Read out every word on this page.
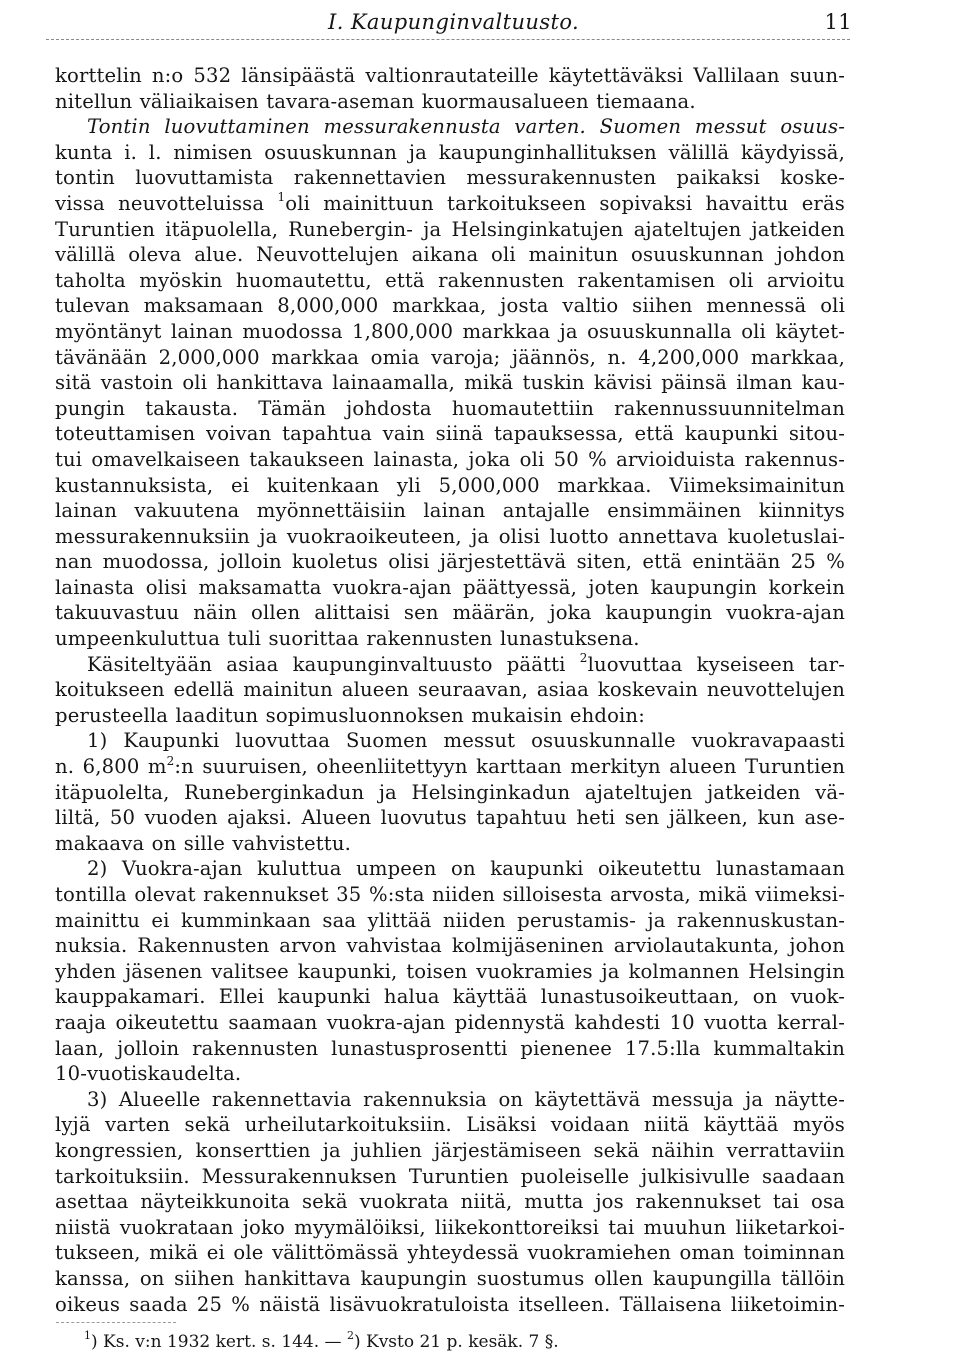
I. Kaupunginvaltuusto.	11
korttelin n:o 532 länsipäästä valtionrautateille käytettäväksi Vallilaan suun-
nitellun väliaikaisen tavara-aseman kuormausalueen tiemaana.
Tontin luovuttaminen messurakennusta varten. Suomen messut osuus-
kunta i. l. nimisen osuuskunnan ja kaupunginhallituksen välillä käydyissä,
tontin luovuttamista rakennettavien messurakennusten paikaksi koske-
vissa neuvotteluissa $^1$oli mainittuun tarkoitukseen sopivaksi havaittu eräs
Turuntien itäpuolella, Runebergin- ja Helsinginkatujen ajateltujen jatkeiden
välillä oleva alue. Neuvottelujen aikana oli mainitun osuuskunnan johdon
taholta myöskin huomautettu, että rakennusten rakentamisen oli arvioitu
tulevan maksamaan 8,000,000 markkaa, josta valtio siihen mennessä oli
myöntänyt lainan muodossa 1,800,000 markkaa ja osuuskunnalla oli käytet-
tävänään 2,000,000 markkaa omia varoja; jäännös, n. 4,200,000 markkaa,
sitä vastoin oli hankittava lainaamalla, mikä tuskin kävisi päinsä ilman kau-
pungin takausta. Tämän johdosta huomautettiin rakennussuunnitelman
toteuttamisen voivan tapahtua vain siinä tapauksessa, että kaupunki sitou-
tui omavelkaiseen takaukseen lainasta, joka oli 50 % arvioiduista rakennus-
kustannuksista, ei kuitenkaan yli 5,000,000 markkaa. Viimeksimainitun
lainan vakuutena myönnettäisiin lainan antajalle ensimmäinen kiinnitys
messurakennuksiin ja vuokraoikeuteen, ja olisi luotto annettava kuoletuslai-
nan muodossa, jolloin kuoletus olisi järjestettävä siten, että enintään 25 %
lainasta olisi maksamatta vuokra-ajan päättyessä, joten kaupungin korkein
takuuvastuu näin ollen alittaisi sen määrän, joka kaupungin vuokra-ajan
umpeenkuluttua tuli suorittaa rakennusten lunastuksena.
Käsiteltyään asiaa kaupunginvaltuusto päätti $^2$luovuttaa kyseiseen tar-
koitukseen edellä mainitun alueen seuraavan, asiaa koskevain neuvottelujen
perusteella laaditun sopimusluonnoksen mukaisin ehdoin:
1) Kaupunki luovuttaa Suomen messut osuuskunnalle vuokravapaasti
n. 6,800 $m^2:n$ suuruisen, oheenliitettyyn karttaan merkityn alueen Turuntien
itäpuolelta, Runeberginkadun ja Helsinginkadun ajateltujen jatkeiden vä-
liltä, 50 vuoden ajaksi. Alueen luovutus tapahtuu heti sen jälkeen, kun ase-
makaava on sille vahvistettu.
2) Vuokra-ajan kuluttua umpeen on kaupunki oikeutettu lunastamaan
tontilla olevat rakennukset 35 %:sta niiden silloisesta arvosta, mikä viimeksi-
mainittu ei kumminkaan saa ylittää niiden perustamis- ja rakennuskustan-
nuksia. Rakennusten arvon vahvistaa kolmijäseninen arviolautakunta, johon
yhden jäsenen valitsee kaupunki, toisen vuokramies ja kolmannen Helsingin
kauppakamari. Ellei kaupunki halua käyttää lunastusoikeuttaan, on vuok-
raaja oikeutettu saamaan vuokra-ajan pidennystä kahdesti 10 vuotta kerral-
laan, jolloin rakennusten lunastusprosentti pienenee 17.5:lla kummaltakin
10-vuotiskaudelta.
3) Alueelle rakennettavia rakennuksia on käytettävä messuja ja näytte-
lyjä varten sekä urheilutarkoituksiin. Lisäksi voidaan niitä käyttää myös
kongressien, konserttien ja juhlien järjestämiseen sekä näihin verrattaviin
tarkoituksiin. Messurakennuksen Turuntien puoleiselle julkisivulle saadaan
asettaa näyteikkunoita sekä vuokrata niitä, mutta jos rakennukset tai osa
niistä vuokrataan joko myymälöiksi, liikekonttoreiksi tai muuhun liiketarkoi-
tukseen, mikä ei ole välittömässä yhteydessä vuokramiehen oman toiminnan
kanssa, on siihen hankittava kaupungin suostumus ollen kaupungilla tällöin
oikeus saada 25 % näistä lisävuokratuloista itselleen. Tällaisena liiketoimin-
$^1$) Ks. v:n 1932 kert. s. 144. — $^2$) Kvsto 21 p. kesäk. 7 §.
